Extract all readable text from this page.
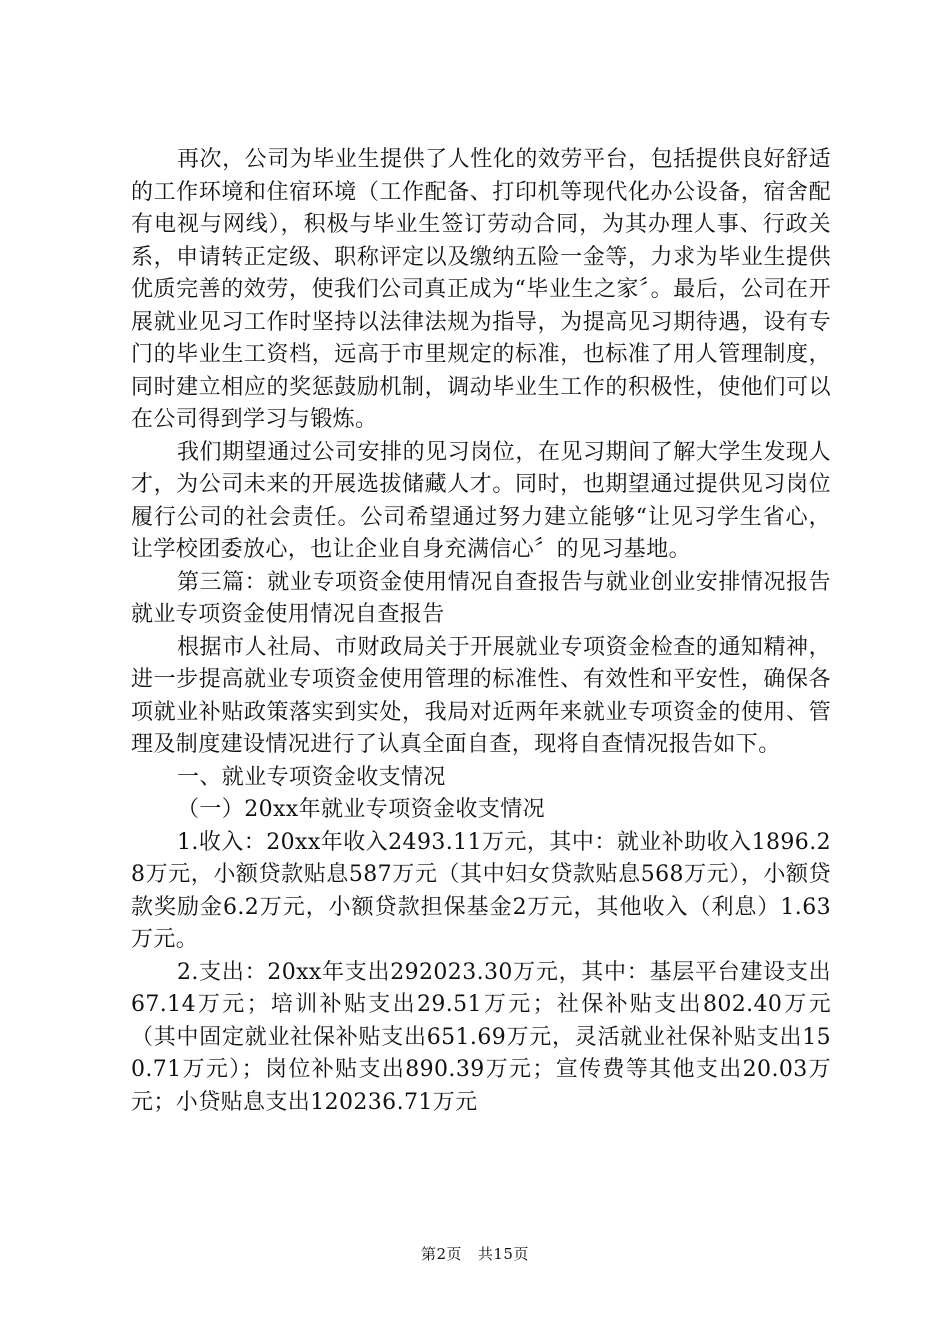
再次，公司为毕业生提供了人性化的效劳平台，包括提供良好舒适的工作环境和住宿环境（工作配备、打印机等现代化办公设备，宿舍配有电视与网线），积极与毕业生签订劳动合同，为其办理人事、行政关系，申请转正定级、职称评定以及缴纳五险一金等，力求为毕业生提供优质完善的效劳，使我们公司真正成为“毕业生之家〞。最后，公司在开展就业见习工作时坚持以法律法规为指导，为提高见习期待遇，设有专门的毕业生工资档，远高于市里规定的标准，也标准了用人管理制度，同时建立相应的奖惩鼓励机制，调动毕业生工作的积极性，使他们可以在公司得到学习与锻炼。

我们期望通过公司安排的见习岗位，在见习期间了解大学生发现人才，为公司未来的开展选拔储藏人才。同时，也期望通过提供见习岗位履行公司的社会责任。公司希望通过努力建立能够“让见习学生省心，让学校团委放心，也让企业自身充满信心〞的见习基地。

第三篇：就业专项资金使用情况自查报告与就业创业安排情况报告就业专项资金使用情况自查报告

根据市人社局、市财政局关于开展就业专项资金检查的通知精神，进一步提高就业专项资金使用管理的标准性、有效性和平安性，确保各项就业补贴政策落实到实处，我局对近两年来就业专项资金的使用、管理及制度建设情况进行了认真全面自查，现将自查情况报告如下。

一、就业专项资金收支情况

（一）20xx年就业专项资金收支情况

1.收入：20xx年收入2493.11万元，其中：就业补助收入1896.28万元，小额贷款贴息587万元（其中妇女贷款贴息568万元），小额贷款奖励金6.2万元，小额贷款担保基金2万元，其他收入（利息）1.63万元。

2.支出：20xx年支出292023.30万元，其中：基层平台建设支出67.14万元；培训补贴支出29.51万元；社保补贴支出802.40万元（其中固定就业社保补贴支出651.69万元，灵活就业社保补贴支出150.71万元）；岗位补贴支出890.39万元；宣传费等其他支出20.03万元；小贷贴息支出120236.71万元

第2页 共15页
